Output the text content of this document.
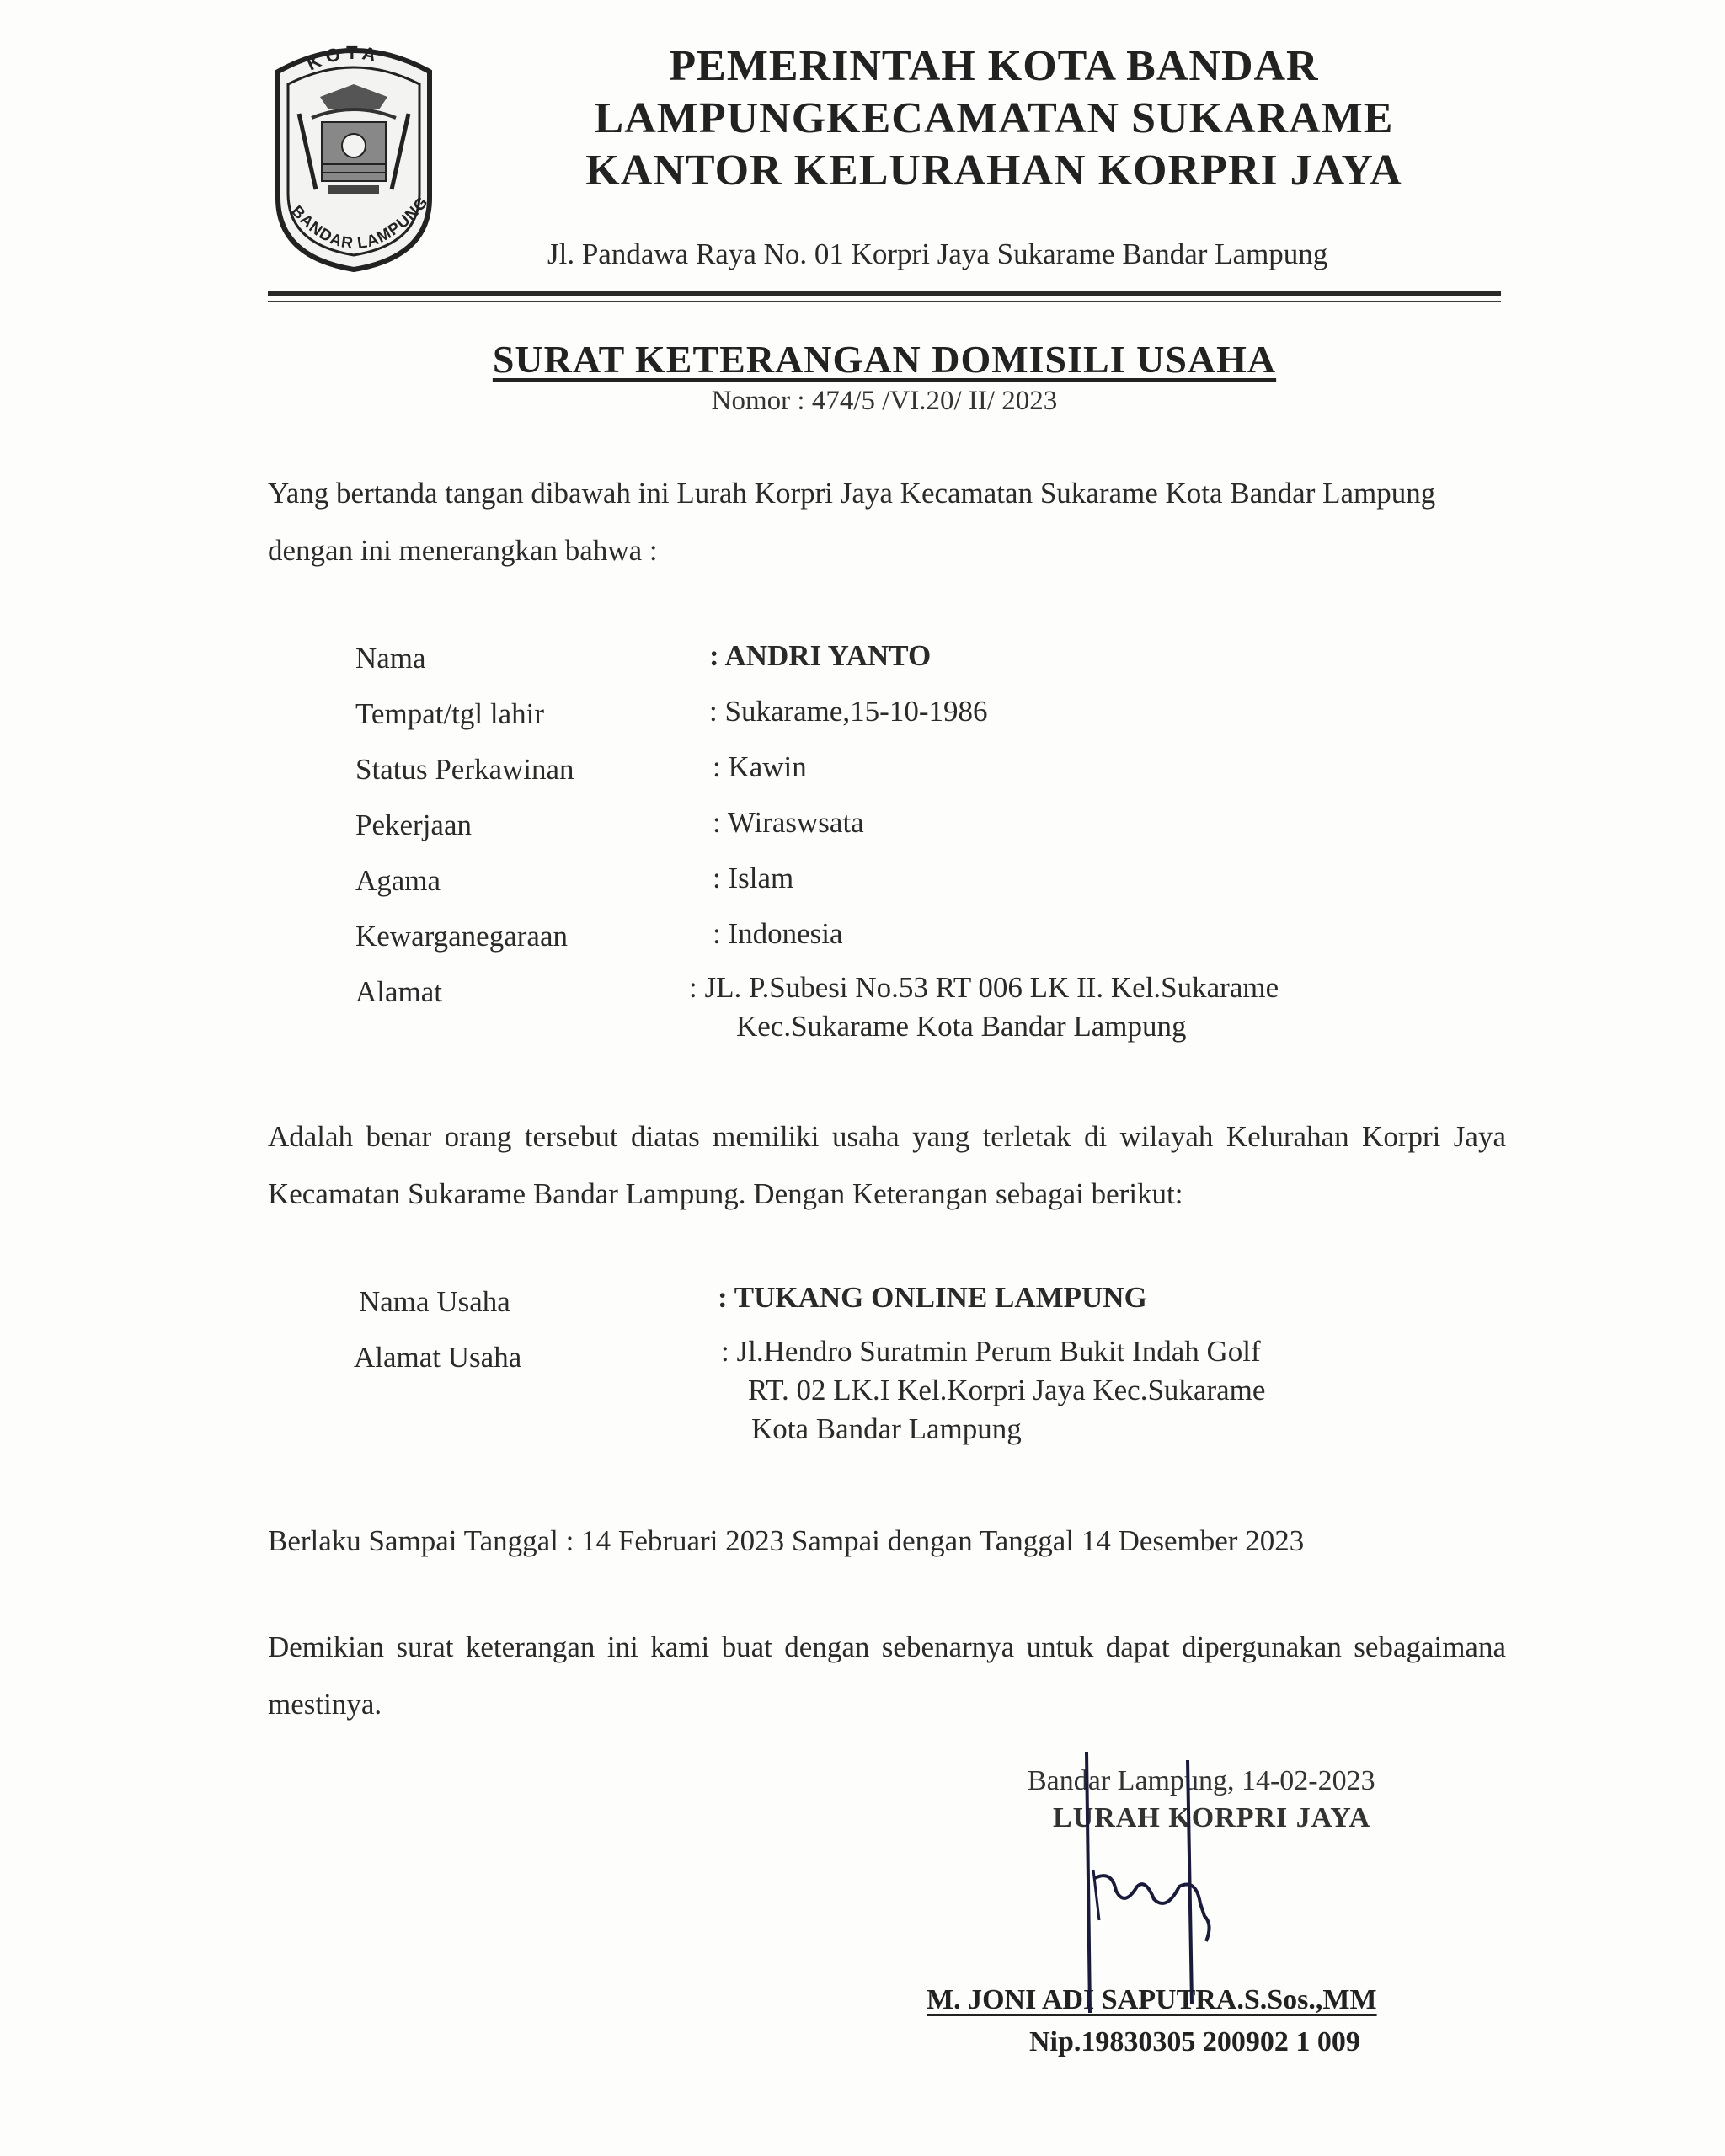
KOTA
BANDAR LAMPUNG
PEMERINTAH KOTA BANDAR
LAMPUNGKECAMATAN SUKARAME
KANTOR KELURAHAN KORPRI JAYA
Jl. Pandawa Raya No. 01 Korpri Jaya Sukarame Bandar Lampung
SURAT KETERANGAN DOMISILI USAHA
Nomor : 474/5 /VI.20/ II/ 2023
Yang bertanda tangan dibawah ini Lurah Korpri Jaya Kecamatan Sukarame Kota Bandar Lampung
dengan ini menerangkan bahwa :
Nama	: ANDRI YANTO
Tempat/tgl lahir	: Sukarame,15-10-1986
Status Perkawinan	: Kawin
Pekerjaan	: Wiraswsata
Agama	: Islam
Kewarganegaraan	: Indonesia
Alamat	: JL. P.Subesi No.53 RT 006 LK II. Kel.Sukarame
Kec.Sukarame Kota Bandar Lampung
Adalah benar orang tersebut diatas memiliki usaha yang terletak di wilayah Kelurahan Korpri Jaya
Kecamatan Sukarame Bandar Lampung. Dengan Keterangan sebagai berikut:
Nama Usaha	: TUKANG ONLINE LAMPUNG
Alamat Usaha	: Jl.Hendro Suratmin Perum Bukit Indah Golf
RT. 02 LK.I Kel.Korpri Jaya Kec.Sukarame
Kota Bandar Lampung
Berlaku Sampai Tanggal : 14 Februari 2023 Sampai dengan Tanggal 14 Desember 2023
Demikian surat keterangan ini kami buat dengan sebenarnya untuk dapat dipergunakan sebagaimana
mestinya.
Bandar Lampung, 14-02-2023
LURAH KORPRI JAYA
M. JONI ADI SAPUTRA.S.Sos.,MM
Nip.19830305 200902 1 009
